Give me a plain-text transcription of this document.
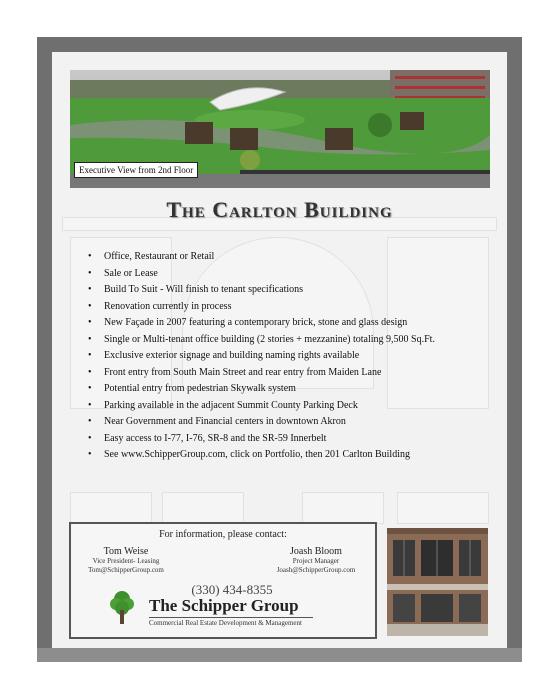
Executive View from 2nd Floor
The Carlton Building
• Office, Restaurant or Retail
• Sale or Lease
• Build To Suit - Will finish to tenant specifications
• Renovation currently in process
• New Façade in 2007 featuring a contemporary brick, stone and glass design
• Single or Multi-tenant office building (2 stories + mezzanine) totaling 9,500 Sq.Ft.
• Exclusive exterior signage and building naming rights available
• Front entry from South Main Street and rear entry from Maiden Lane
• Potential entry from pedestrian Skywalk system
• Parking available in the adjacent Summit County Parking Deck
• Near Government and Financial centers in downtown Akron
• Easy access to I-77, I-76, SR-8 and the SR-59 Innerbelt
• See www.SchipperGroup.com, click on Portfolio, then 201 Carlton Building
For information, please contact:
Tom Weise
Vice President- Leasing
Tom@SchipperGroup.com
Joash Bloom
Project Manager
Joash@SchipperGroup.com
(330) 434-8355
The Schipper Group
Commercial Real Estate Development & Management
